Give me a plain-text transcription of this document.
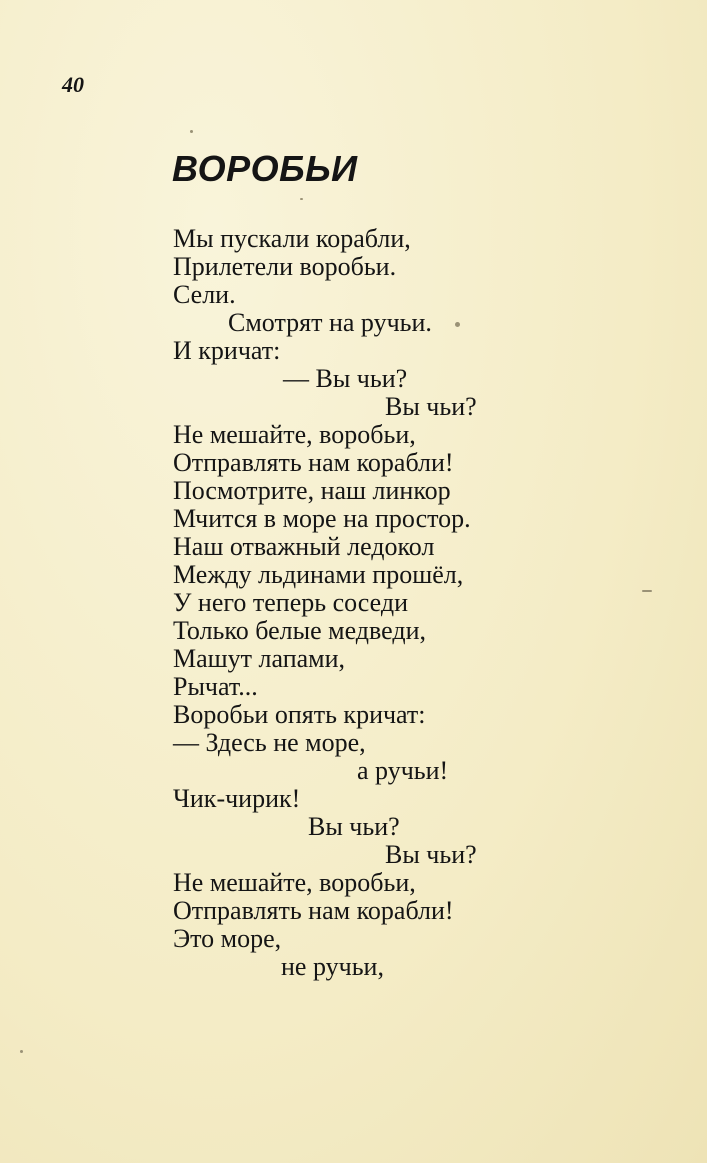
40
ВОРОБЬИ
Мы пускали корабли,
Прилетели воробьи.
Сели.
Смотрят на ручьи.
И кричат:
— Вы чьи?
Вы чьи?
Не мешайте, воробьи,
Отправлять нам корабли!
Посмотрите, наш линкор
Мчится в море на простор.
Наш отважный ледокол
Между льдинами прошёл,
У него теперь соседи
Только белые медведи,
Машут лапами,
Рычат...
Воробьи опять кричат:
— Здесь не море,
а ручьи!
Чик-чирик!
Вы чьи?
Вы чьи?
Не мешайте, воробьи,
Отправлять нам корабли!
Это море,
не ручьи,
